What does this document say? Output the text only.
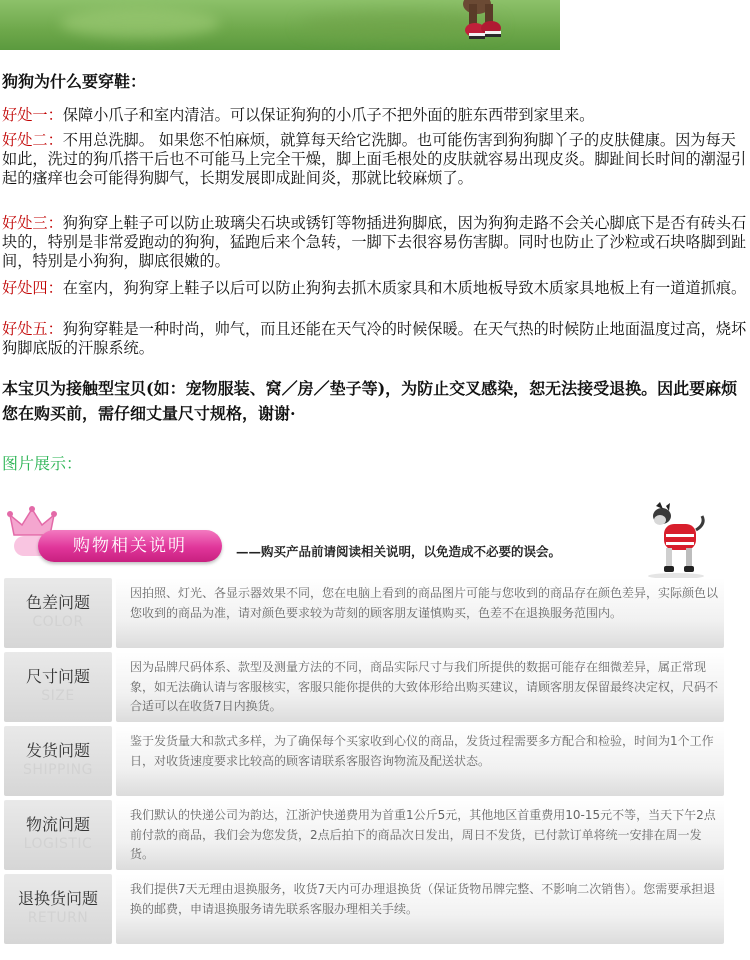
狗狗为什么要穿鞋：
好处一：保障小爪子和室内清洁。可以保证狗狗的小爪子不把外面的脏东西带到家里来。
好处二：不用总洗脚。 如果您不怕麻烦，就算每天给它洗脚。也可能伤害到狗狗脚丫子的皮肤健康。因为每天如此，洗过的狗爪搭干后也不可能马上完全干燥，脚上面毛根处的皮肤就容易出现皮炎。脚趾间长时间的潮湿引起的瘙痒也会可能得狗脚气，长期发展即成趾间炎，那就比较麻烦了。
好处三：狗狗穿上鞋子可以防止玻璃尖石块或锈钉等物插进狗脚底，因为狗狗走路不会关心脚底下是否有砖头石块的，特别是非常爱跑动的狗狗，猛跑后来个急转，一脚下去很容易伤害脚。同时也防止了沙粒或石块咯脚到趾间，特别是小狗狗，脚底很嫩的。
好处四：在室内，狗狗穿上鞋子以后可以防止狗狗去抓木质家具和木质地板导致木质家具地板上有一道道抓痕。
好处五：狗狗穿鞋是一种时尚，帅气，而且还能在天气冷的时候保暖。在天气热的时候防止地面温度过高，烧坏狗脚底版的汗腺系统。
本宝贝为接触型宝贝(如：宠物服装、窝／房／垫子等)，为防止交叉感染，恕无法接受退换。因此要麻烦您在购买前，需仔细丈量尺寸规格，谢谢·
图片展示：
购物相关说明	——购买产品前请阅读相关说明，以免造成不必要的误会。
色差问题
COLOR
因拍照、灯光、各显示器效果不同，您在电脑上看到的商品图片可能与您收到的商品存在颜色差异，实际颜色以您收到的商品为准，请对颜色要求较为苛刻的顾客朋友谨慎购买，色差不在退换服务范围内。
尺寸问题
SIZE
因为品牌尺码体系、款型及测量方法的不同，商品实际尺寸与我们所提供的数据可能存在细微差异，属正常现象，如无法确认请与客服核实，客服只能你提供的大致体形给出购买建议，请顾客朋友保留最终决定权，尺码不合适可以在收货7日内换货。
发货问题
SHIPPING
鉴于发货量大和款式多样，为了确保每个买家收到心仪的商品，发货过程需要多方配合和检验，时间为1个工作日，对收货速度要求比较高的顾客请联系客服咨询物流及配送状态。
物流问题
LOGISTIC
我们默认的快递公司为韵达，江浙沪快递费用为首重1公斤5元，其他地区首重费用10-15元不等，当天下午2点前付款的商品，我们会为您发货，2点后拍下的商品次日发出，周日不发货，已付款订单将统一安排在周一发货。
退换货问题
RETURN
我们提供7天无理由退换服务，收货7天内可办理退换货（保证货物吊牌完整、不影响二次销售）。您需要承担退换的邮费，申请退换服务请先联系客服办理相关手续。
